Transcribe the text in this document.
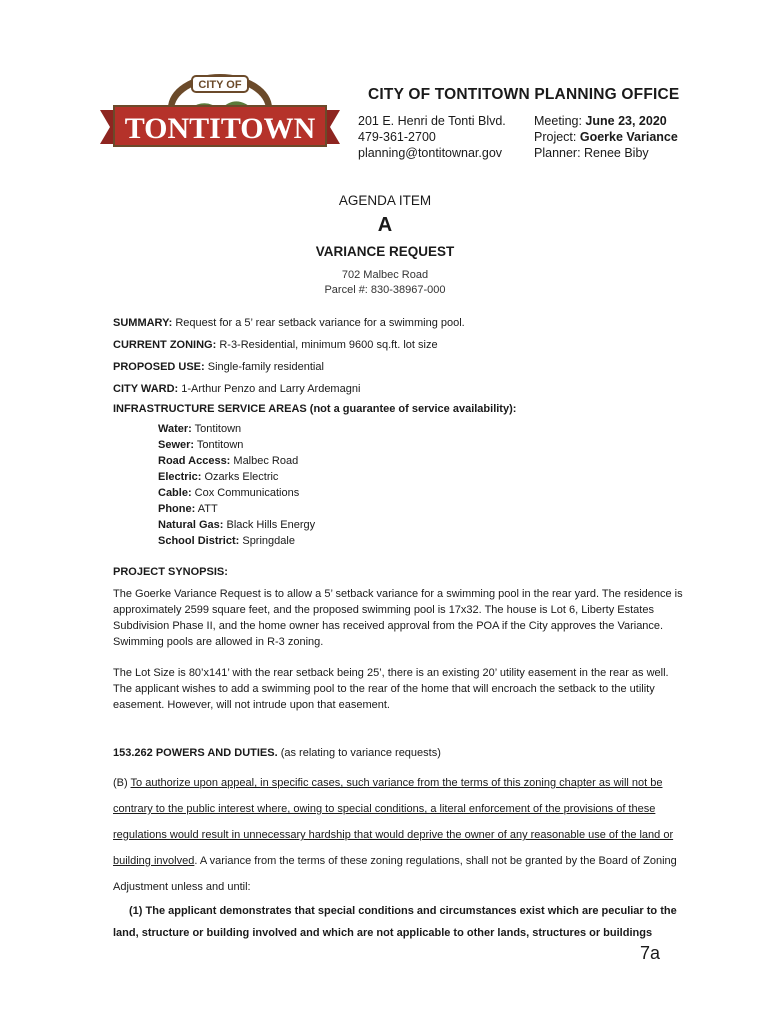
CITY OF
TONTITOWN
CITY OF TONTITOWN PLANNING OFFICE
201 E. Henri de Tonti Blvd.
479-361-2700
planning@tontitownar.gov
Meeting: June 23, 2020
Project: Goerke Variance
Planner: Renee Biby
AGENDA ITEM
A
VARIANCE REQUEST
702 Malbec Road
Parcel #: 830-38967-000
SUMMARY: Request for a 5’ rear setback variance for a swimming pool.
CURRENT ZONING: R-3-Residential, minimum 9600 sq.ft. lot size
PROPOSED USE: Single-family residential
CITY WARD: 1-Arthur Penzo and Larry Ardemagni
INFRASTRUCTURE SERVICE AREAS (not a guarantee of service availability):
Water: Tontitown
Sewer: Tontitown
Road Access: Malbec Road
Electric: Ozarks Electric
Cable: Cox Communications
Phone: ATT
Natural Gas: Black Hills Energy
School District: Springdale
PROJECT SYNOPSIS:
The Goerke Variance Request is to allow a 5’ setback variance for a swimming pool in the rear yard. The residence is approximately 2599 square feet, and the proposed swimming pool is 17x32. The house is Lot 6, Liberty Estates Subdivision Phase II, and the home owner has received approval from the POA if the City approves the Variance. Swimming pools are allowed in R-3 zoning.
The Lot Size is 80’x141’ with the rear setback being 25’, there is an existing 20’ utility easement in the rear as well. The applicant wishes to add a swimming pool to the rear of the home that will encroach the setback to the utility easement. However, will not intrude upon that easement.
153.262 POWERS AND DUTIES. (as relating to variance requests)
(B) To authorize upon appeal, in specific cases, such variance from the terms of this zoning chapter as will not be contrary to the public interest where, owing to special conditions, a literal enforcement of the provisions of these regulations would result in unnecessary hardship that would deprive the owner of any reasonable use of the land or building involved. A variance from the terms of these zoning regulations, shall not be granted by the Board of Zoning Adjustment unless and until:
(1) The applicant demonstrates that special conditions and circumstances exist which are peculiar to the land, structure or building involved and which are not applicable to other lands, structures or buildings
7a
